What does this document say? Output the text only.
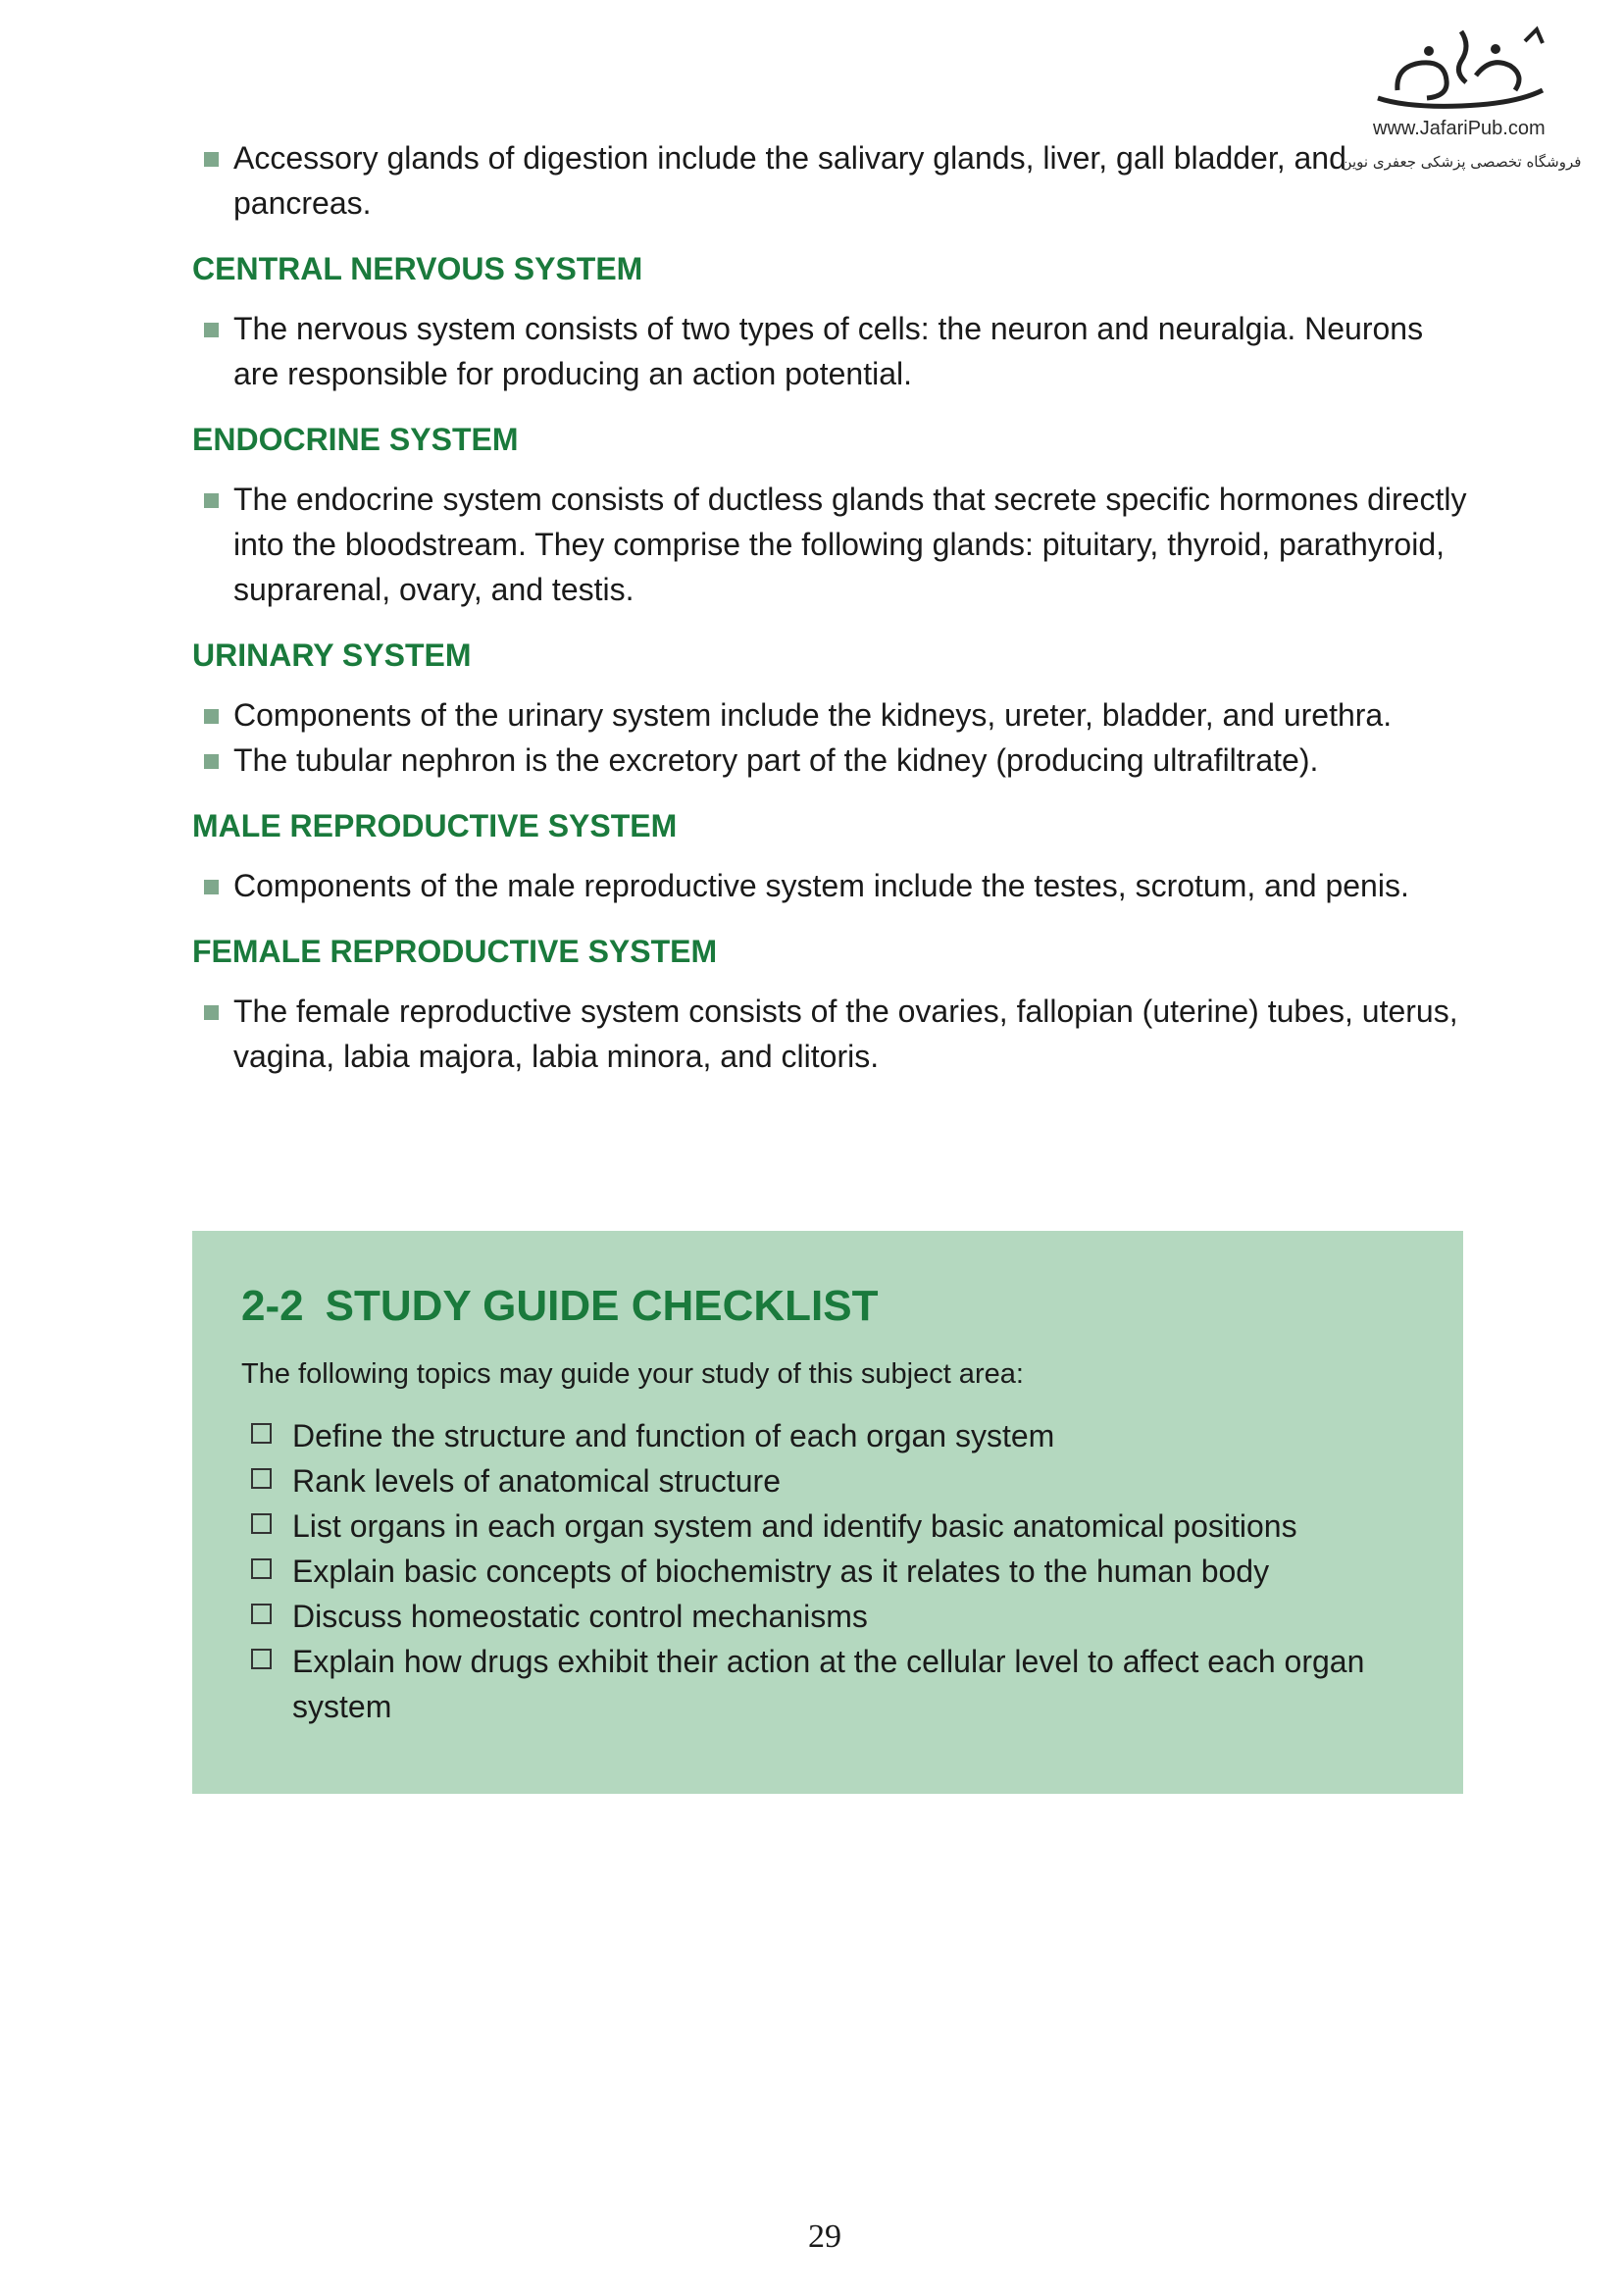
www.JafariPub.com
فروشگاه تخصصی پزشکی جعفری نوین
Accessory glands of digestion include the salivary glands, liver, gall bladder, and pancreas.
CENTRAL NERVOUS SYSTEM
The nervous system consists of two types of cells: the neuron and neuralgia. Neurons are responsible for producing an action potential.
ENDOCRINE SYSTEM
The endocrine system consists of ductless glands that secrete specific hormones directly into the bloodstream. They comprise the following glands: pituitary, thyroid, parathyroid, suprarenal, ovary, and testis.
URINARY SYSTEM
Components of the urinary system include the kidneys, ureter, bladder, and urethra.
The tubular nephron is the excretory part of the kidney (producing ultrafiltrate).
MALE REPRODUCTIVE SYSTEM
Components of the male reproductive system include the testes, scrotum, and penis.
FEMALE REPRODUCTIVE SYSTEM
The female reproductive system consists of the ovaries, fallopian (uterine) tubes, uterus, vagina, labia majora, labia minora, and clitoris.
2-2 STUDY GUIDE CHECKLIST
The following topics may guide your study of this subject area:
Define the structure and function of each organ system
Rank levels of anatomical structure
List organs in each organ system and identify basic anatomical positions
Explain basic concepts of biochemistry as it relates to the human body
Discuss homeostatic control mechanisms
Explain how drugs exhibit their action at the cellular level to affect each organ system
29
